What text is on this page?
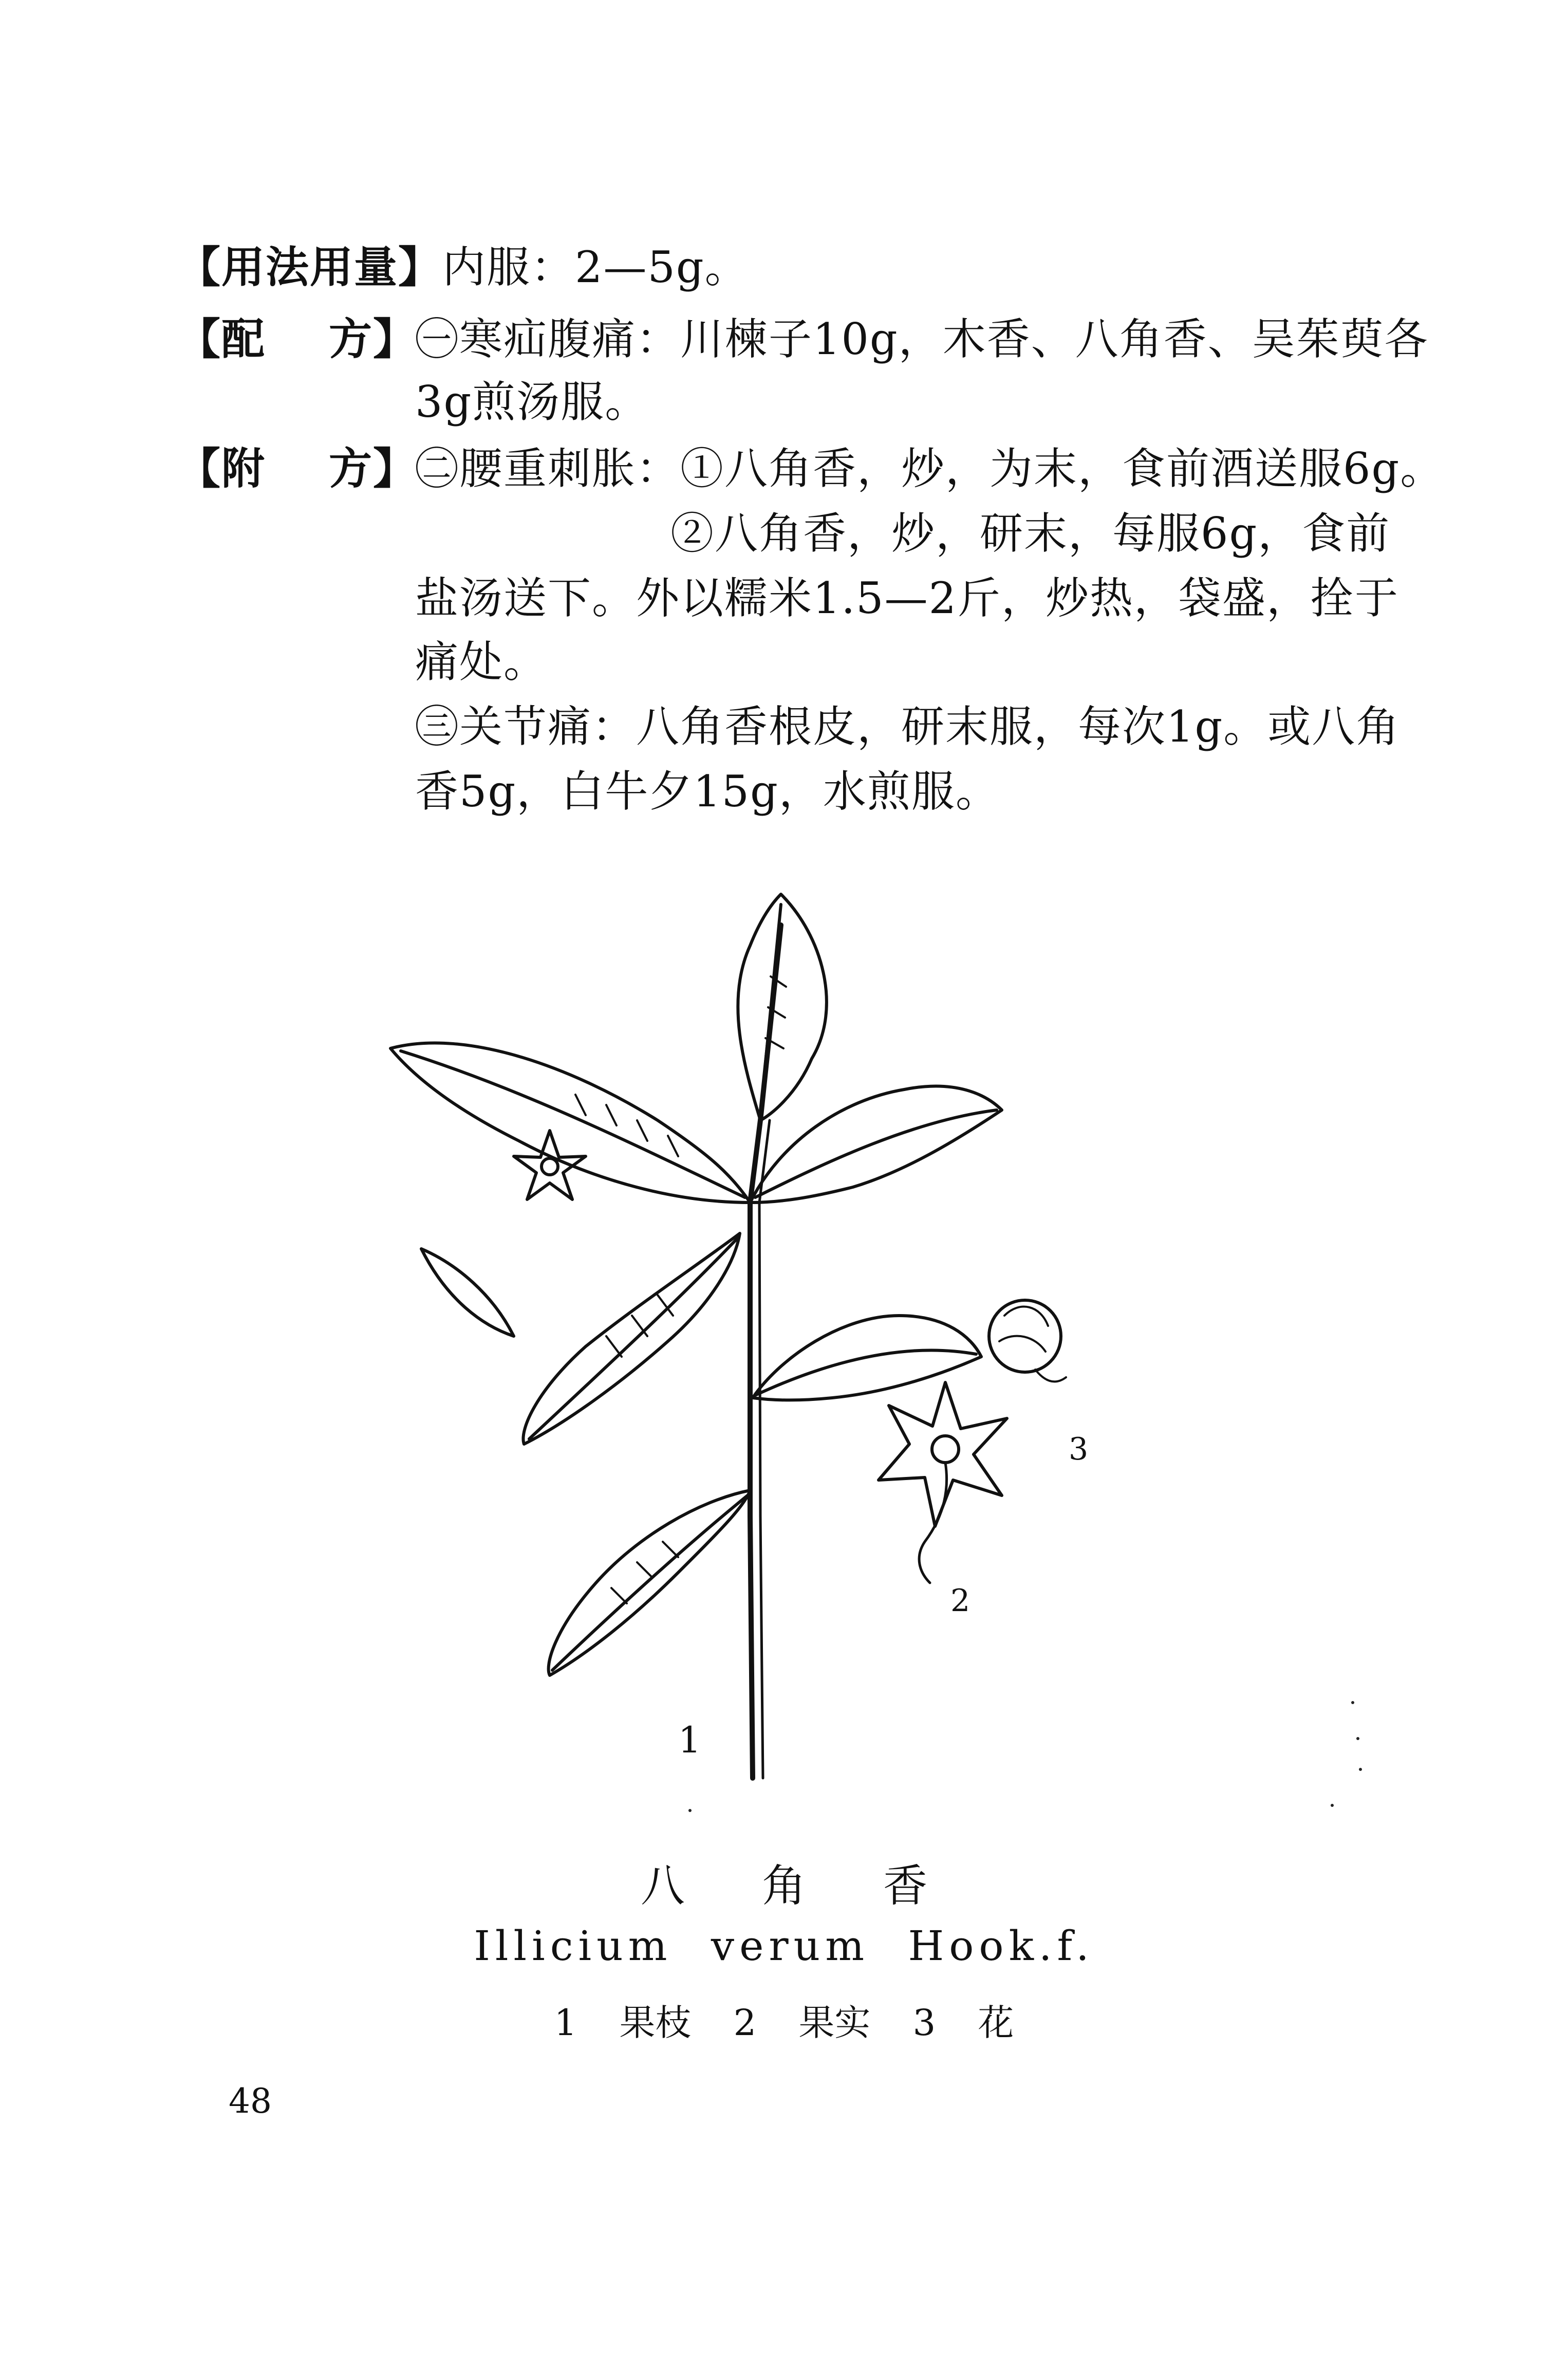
【用法用量】内服：2—5g。
【配 方】
㊀寒疝腹痛：川楝子10g，木香、八角香、吴茱萸各
3g煎汤服。
【附 方】
㊁腰重刺胀：①八角香，炒，为末，食前酒送服6g。
②八角香，炒，研末，每服6g，食前
盐汤送下。外以糯米1.5—2斤，炒热，袋盛，拴于
痛处。
㊂关节痛：八角香根皮，研末服，每次1g。或八角
香5g，白牛夕15g，水煎服。
1
2
3
八角香
Illicium verum Hook.f.
1 果枝 2 果实 3 花
48
